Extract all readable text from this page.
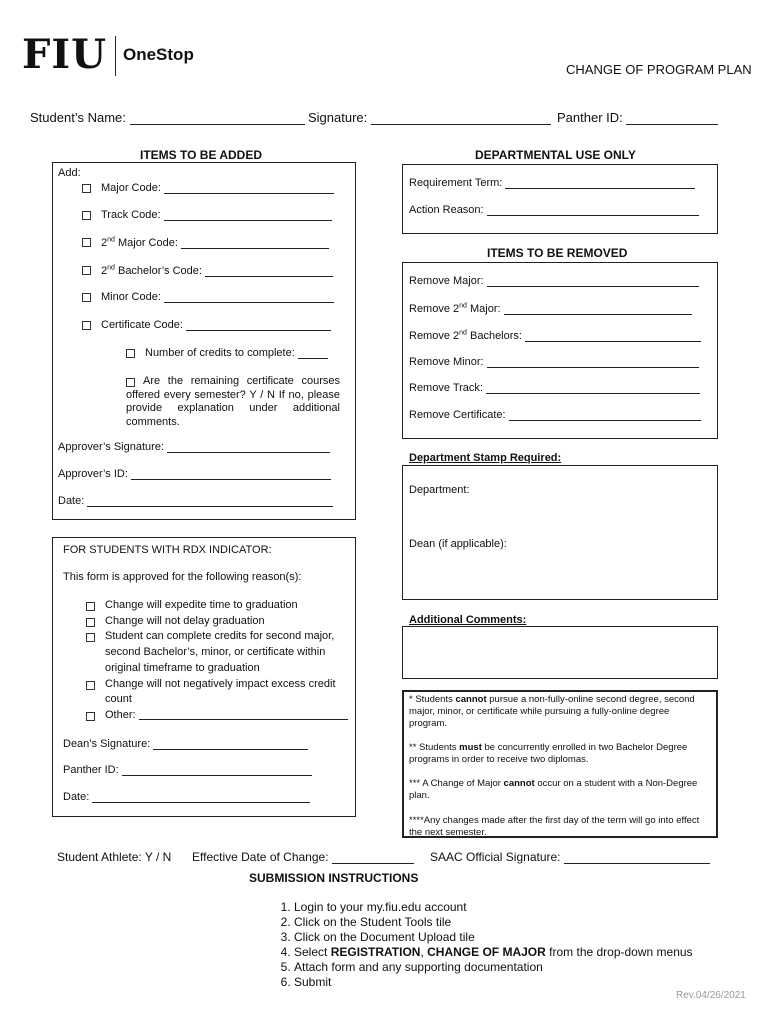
FIU OneStop
CHANGE OF PROGRAM PLAN
Student’s Name:	Signature:	Panther ID:
ITEMS TO BE ADDED
Add:
Major Code:
Track Code:
2nd Major Code:
2nd Bachelor’s Code:
Minor Code:
Certificate Code:
Number of credits to complete:
Are the remaining certificate courses offered every semester? Y / N If no, please provide explanation under additional comments.
Approver’s Signature:
Approver’s ID:
Date:
FOR STUDENTS WITH RDX INDICATOR:
This form is approved for the following reason(s):
Change will expedite time to graduation
Change will not delay graduation
Student can complete credits for second major, second Bachelor’s, minor, or certificate within original timeframe to graduation
Change will not negatively impact excess credit count
Other:

Dean’s Signature:
Panther ID:
Date:
DEPARTMENTAL USE ONLY
Requirement Term:
Action Reason:
ITEMS TO BE REMOVED
Remove Major:
Remove 2nd Major:
Remove 2nd Bachelors:
Remove Minor:
Remove Track:
Remove Certificate:
Department Stamp Required:
Department:
Dean (if applicable):
Additional Comments:
* Students cannot pursue a non-fully-online second degree, second major, minor, or certificate while pursuing a fully-online degree program.
** Students must be concurrently enrolled in two Bachelor Degree programs in order to receive two diplomas.
*** A Change of Major cannot occur on a student with a Non-Degree plan.
****Any changes made after the first day of the term will go into effect the next semester.
Student Athlete: Y / N Effective Date of Change:	SAAC Official Signature:
SUBMISSION INSTRUCTIONS
1. Login to your my.fiu.edu account
2. Click on the Student Tools tile
3. Click on the Document Upload tile
4. Select REGISTRATION, CHANGE OF MAJOR from the drop-down menus
5. Attach form and any supporting documentation
6. Submit
Rev.04/26/2021
